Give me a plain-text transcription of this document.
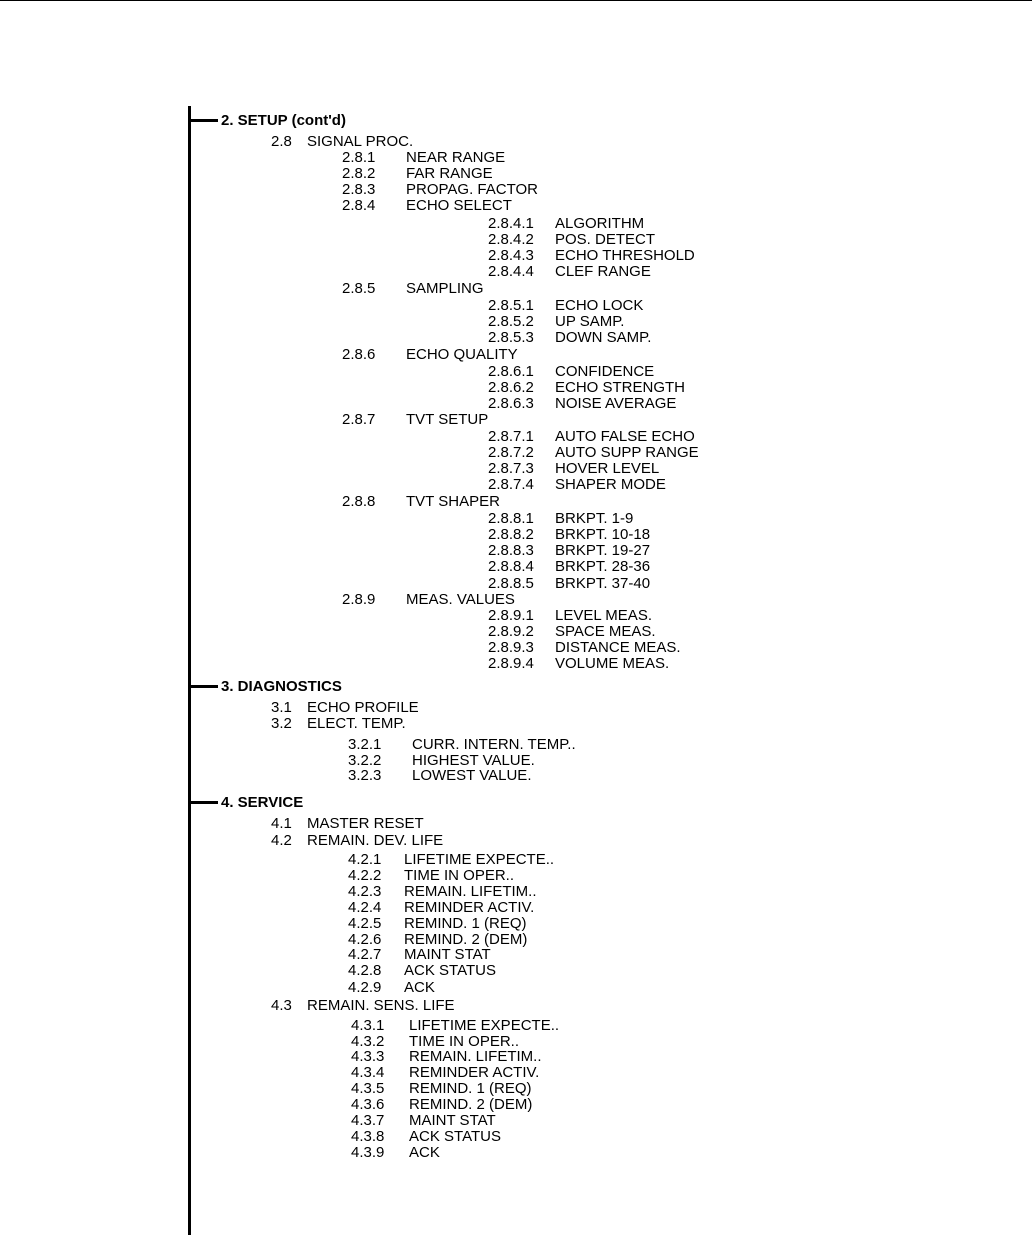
2. SETUP (cont'd)
2.8 SIGNAL PROC.
2.8.1 NEAR RANGE
2.8.2 FAR RANGE
2.8.3 PROPAG. FACTOR
2.8.4 ECHO SELECT
2.8.4.1 ALGORITHM
2.8.4.2 POS. DETECT
2.8.4.3 ECHO THRESHOLD
2.8.4.4 CLEF RANGE
2.8.5 SAMPLING
2.8.5.1 ECHO LOCK
2.8.5.2 UP SAMP.
2.8.5.3 DOWN SAMP.
2.8.6 ECHO QUALITY
2.8.6.1 CONFIDENCE
2.8.6.2 ECHO STRENGTH
2.8.6.3 NOISE AVERAGE
2.8.7 TVT SETUP
2.8.7.1 AUTO FALSE ECHO
2.8.7.2 AUTO SUPP RANGE
2.8.7.3 HOVER LEVEL
2.8.7.4 SHAPER MODE
2.8.8 TVT SHAPER
2.8.8.1 BRKPT. 1-9
2.8.8.2 BRKPT. 10-18
2.8.8.3 BRKPT. 19-27
2.8.8.4 BRKPT. 28-36
2.8.8.5 BRKPT. 37-40
2.8.9 MEAS. VALUES
2.8.9.1 LEVEL MEAS.
2.8.9.2 SPACE MEAS.
2.8.9.3 DISTANCE MEAS.
2.8.9.4 VOLUME MEAS.
3. DIAGNOSTICS
3.1 ECHO PROFILE
3.2 ELECT. TEMP.
3.2.1 CURR. INTERN. TEMP..
3.2.2 HIGHEST VALUE.
3.2.3 LOWEST VALUE.
4. SERVICE
4.1 MASTER RESET
4.2 REMAIN. DEV. LIFE
4.2.1 LIFETIME EXPECTE..
4.2.2 TIME IN OPER..
4.2.3 REMAIN. LIFETIM..
4.2.4 REMINDER ACTIV.
4.2.5 REMIND. 1 (REQ)
4.2.6 REMIND. 2 (DEM)
4.2.7 MAINT STAT
4.2.8 ACK STATUS
4.2.9 ACK
4.3 REMAIN. SENS. LIFE
4.3.1 LIFETIME EXPECTE..
4.3.2 TIME IN OPER..
4.3.3 REMAIN. LIFETIM..
4.3.4 REMINDER ACTIV.
4.3.5 REMIND. 1 (REQ)
4.3.6 REMIND. 2 (DEM)
4.3.7 MAINT STAT
4.3.8 ACK STATUS
4.3.9 ACK
